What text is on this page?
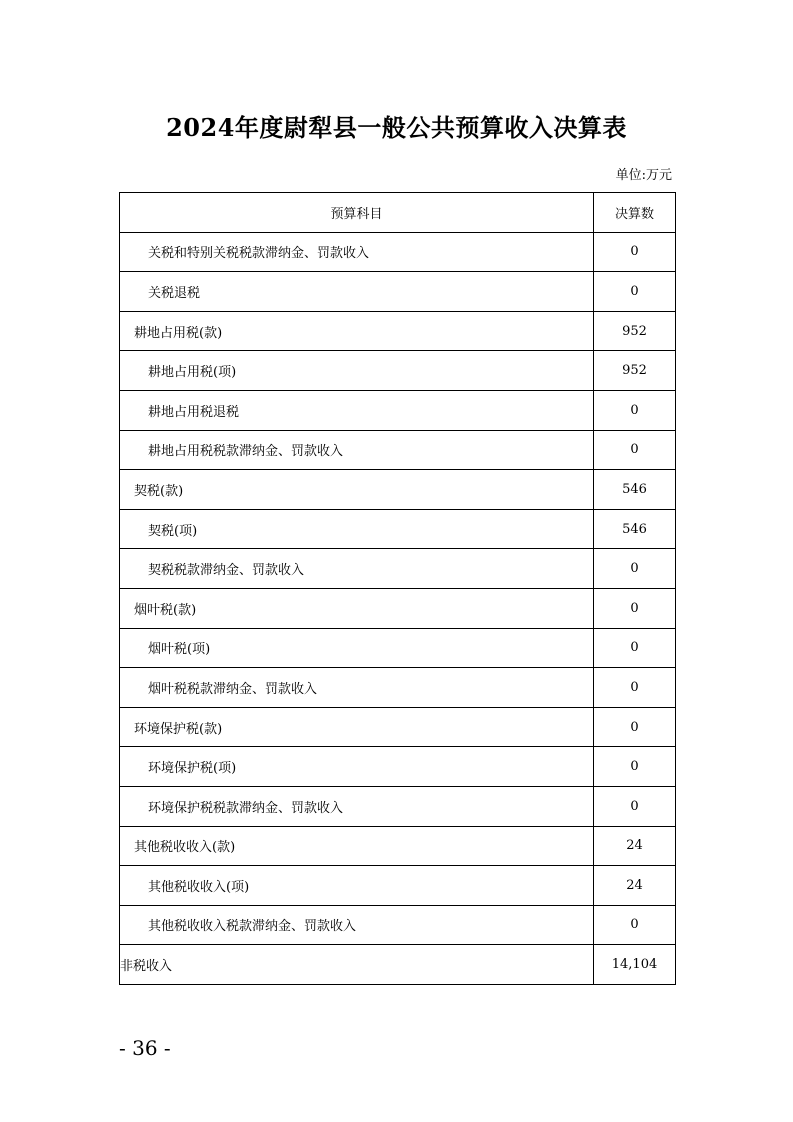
2024年度尉犁县一般公共预算收入决算表
单位:万元
预算科目	决算数
关税和特别关税税款滞纳金、罚款收入	0
关税退税	0
耕地占用税(款)	952
耕地占用税(项)	952
耕地占用税退税	0
耕地占用税税款滞纳金、罚款收入	0
契税(款)	546
契税(项)	546
契税税款滞纳金、罚款收入	0
烟叶税(款)	0
烟叶税(项)	0
烟叶税税款滞纳金、罚款收入	0
环境保护税(款)	0
环境保护税(项)	0
环境保护税税款滞纳金、罚款收入	0
其他税收收入(款)	24
其他税收收入(项)	24
其他税收收入税款滞纳金、罚款收入	0
非税收入	14,104
- 36 -
